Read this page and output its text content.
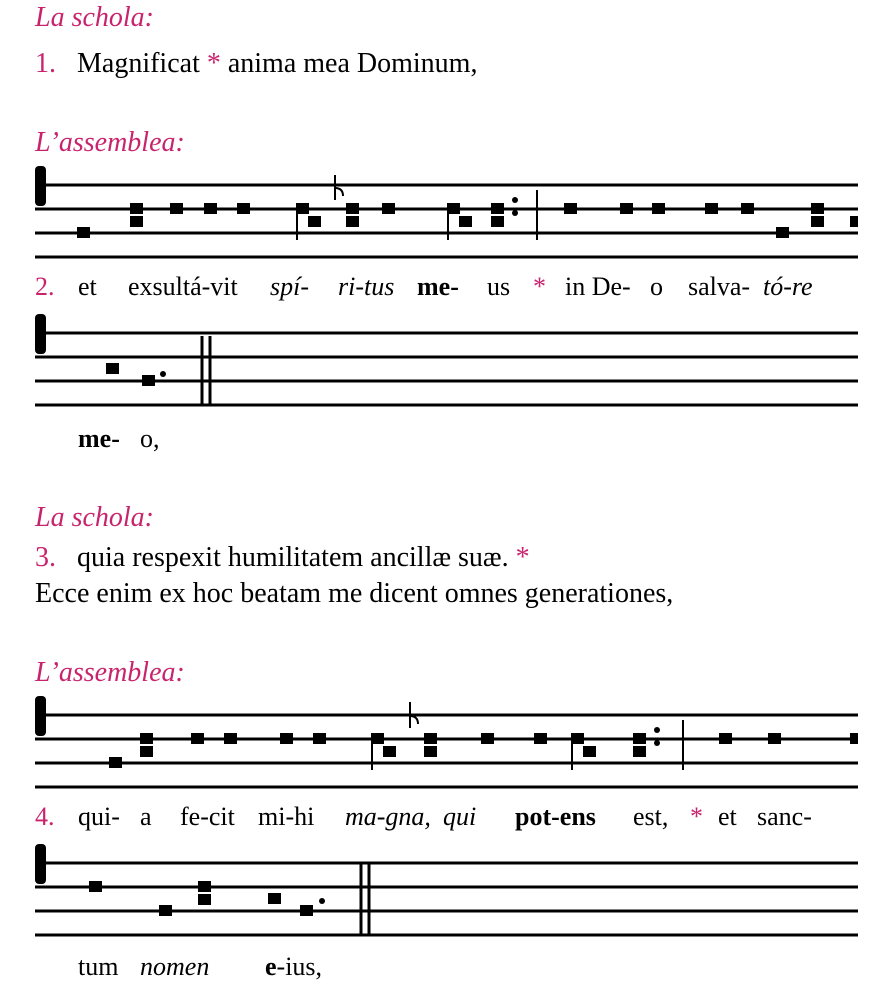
La schola:
1. Magnificat * anima mea Dominum,
L’assemblea:
2. et exsultá-vit spí- ri-tus me- us * in De- o salva- tó-re
me- o,
La schola:
3. quia respexit humilitatem ancillæ suæ. *
Ecce enim ex hoc beatam me dicent omnes generationes,
L’assemblea:
4. qui- a fe-cit mi-hi ma-gna, qui pot-ens est, * et sanc-
tum nomen e-ius,
